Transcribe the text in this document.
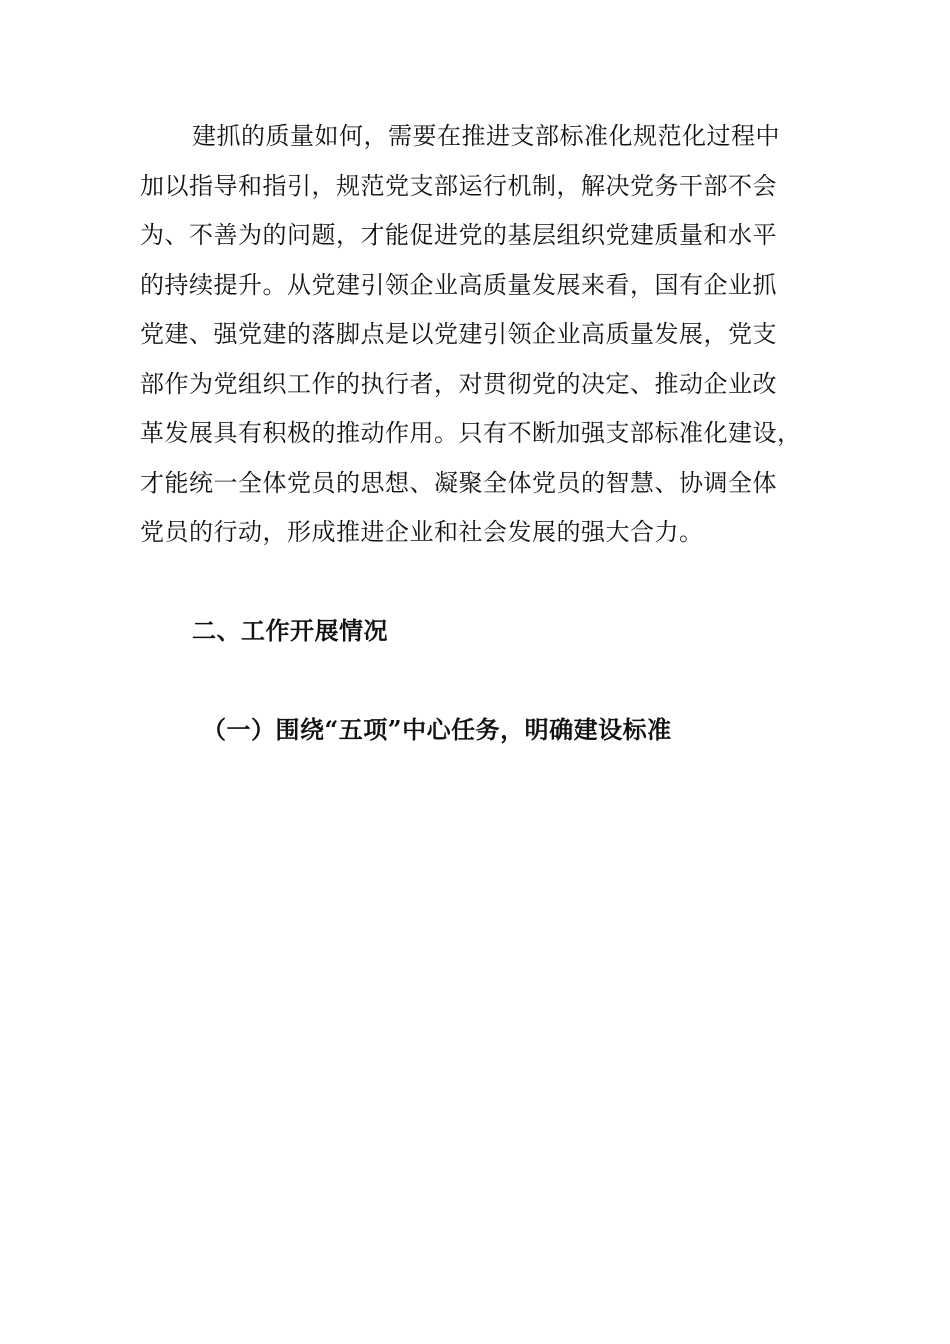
建抓的质量如何，需要在推进支部标准化规范化过程中
加以指导和指引，规范党支部运行机制，解决党务干部不会
为、不善为的问题，才能促进党的基层组织党建质量和水平
的持续提升。从党建引领企业高质量发展来看，国有企业抓
党建、强党建的落脚点是以党建引领企业高质量发展，党支
部作为党组织工作的执行者，对贯彻党的决定、推动企业改
革发展具有积极的推动作用。只有不断加强支部标准化建设，
才能统一全体党员的思想、凝聚全体党员的智慧、协调全体
党员的行动，形成推进企业和社会发展的强大合力。
二、工作开展情况
（一）围绕“五项”中心任务，明确建设标准
